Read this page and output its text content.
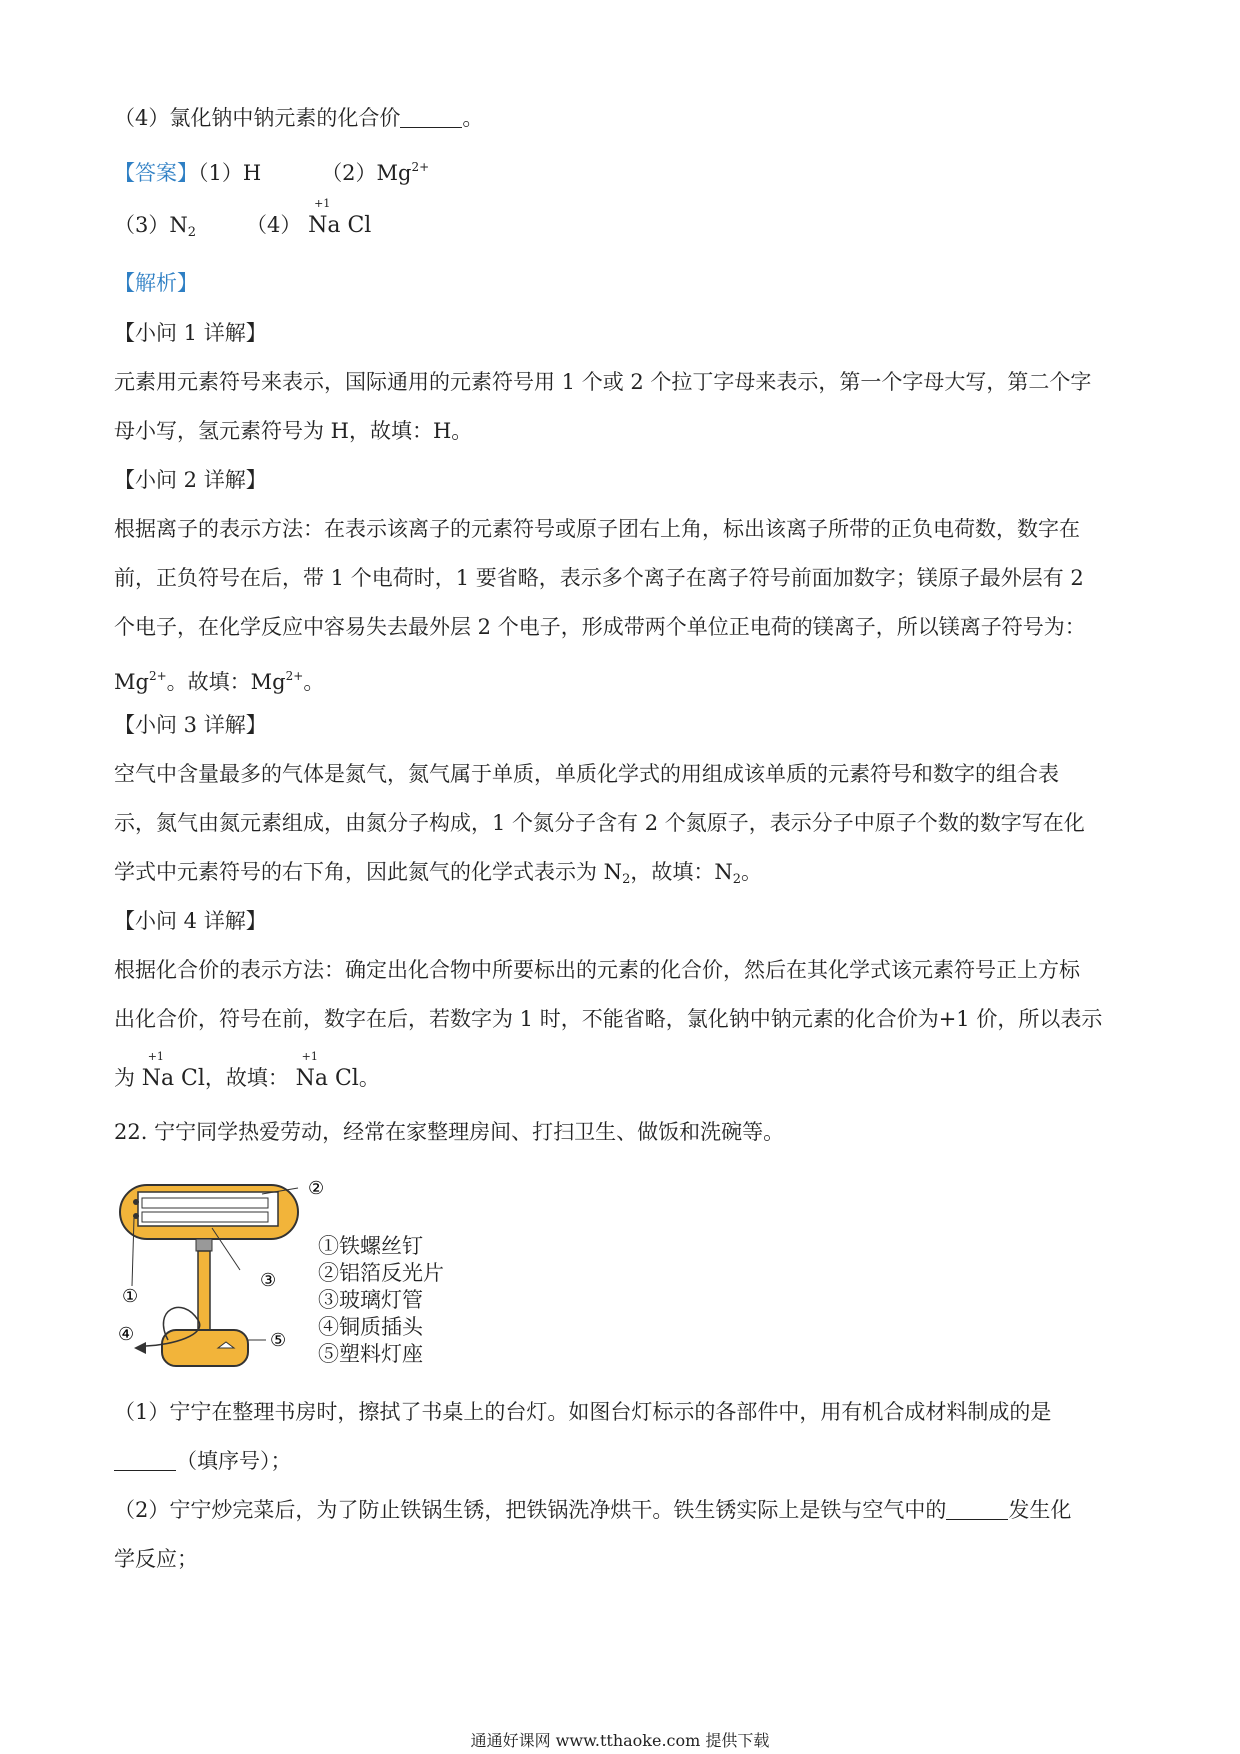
（4）氯化钠中钠元素的化合价	。
【答案】（1）H	$(2)Mg^{2+}$
$(3)N_2$ （4）
+1
Na Cl
【解析】
【小问 1 详解】
元素用元素符号来表示，国际通用的元素符号用 1 个或 2 个拉丁字母来表示，第一个字母大写，第二个字
母小写，氢元素符号为 H，故填：H。
【小问 2 详解】
根据离子的表示方法：在表示该离子的元素符号或原子团右上角，标出该离子所带的正负电荷数，数字在
前，正负符号在后，带 1 个电荷时，1 要省略，表示多个离子在离子符号前面加数字；镁原子最外层有 2
个电子，在化学反应中容易失去最外层 2 个电子，形成带两个单位正电荷的镁离子，所以镁离子符号为：
$Mg^{2+}$。故填：$Mg^{2+}$。
【小问 3 详解】
空气中含量最多的气体是氮气，氮气属于单质，单质化学式的用组成该单质的元素符号和数字的组合表
示，氮气由氮元素组成，由氮分子构成，1 个氮分子含有 2 个氮原子，表示分子中原子个数的数字写在化
学式中元素符号的右下角，因此氮气的化学式表示为 $N_2$，故填：$N_2$。
【小问 4 详解】
根据化合价的表示方法：确定出化合物中所要标出的元素的化合价，然后在其化学式该元素符号正上方标
出化合价，符号在前，数字在后，若数字为 1 时，不能省略，氯化钠中钠元素的化合价为+1 价，所以表示
为
+1
Na Cl，故填：
+1
Na Cl。
22. 宁宁同学热爱劳动，经常在家整理房间、打扫卫生、做饭和洗碗等。
②
①
③
④	⑤
①铁螺丝钉
②铝箔反光片
③玻璃灯管
④铜质插头
⑤塑料灯座
（1）宁宁在整理书房时，擦拭了书桌上的台灯。如图台灯标示的各部件中，用有机合成材料制成的是
（填序号）；
（2）宁宁炒完菜后，为了防止铁锅生锈，把铁锅洗净烘干。铁生锈实际上是铁与空气中的	发生化
学反应；
通通好课网 www.tthaoke.com 提供下载
